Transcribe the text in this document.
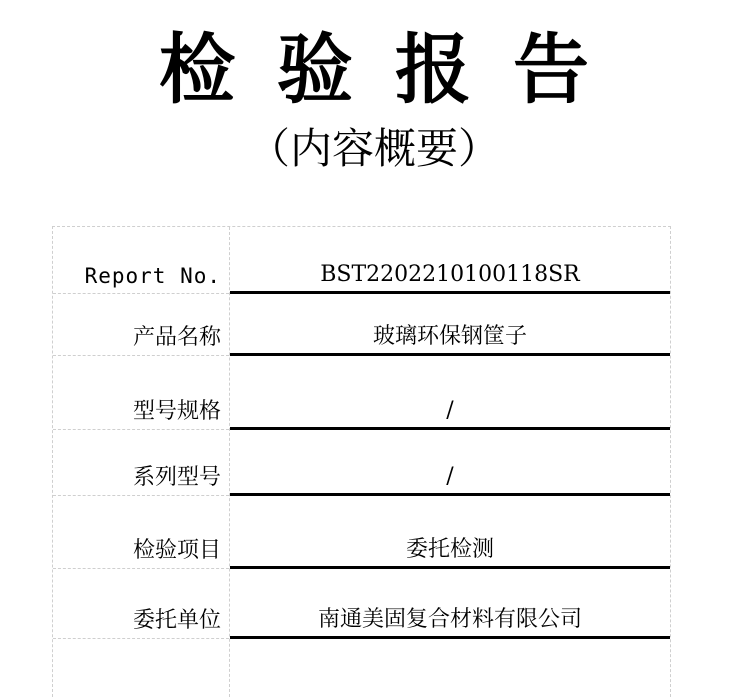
检验报告
（内容概要）
Report No.	BST2202210100118SR
产品名称	玻璃环保钢筐子
型号规格	/
系列型号	/
检验项目	委托检测
委托单位	南通美固复合材料有限公司
